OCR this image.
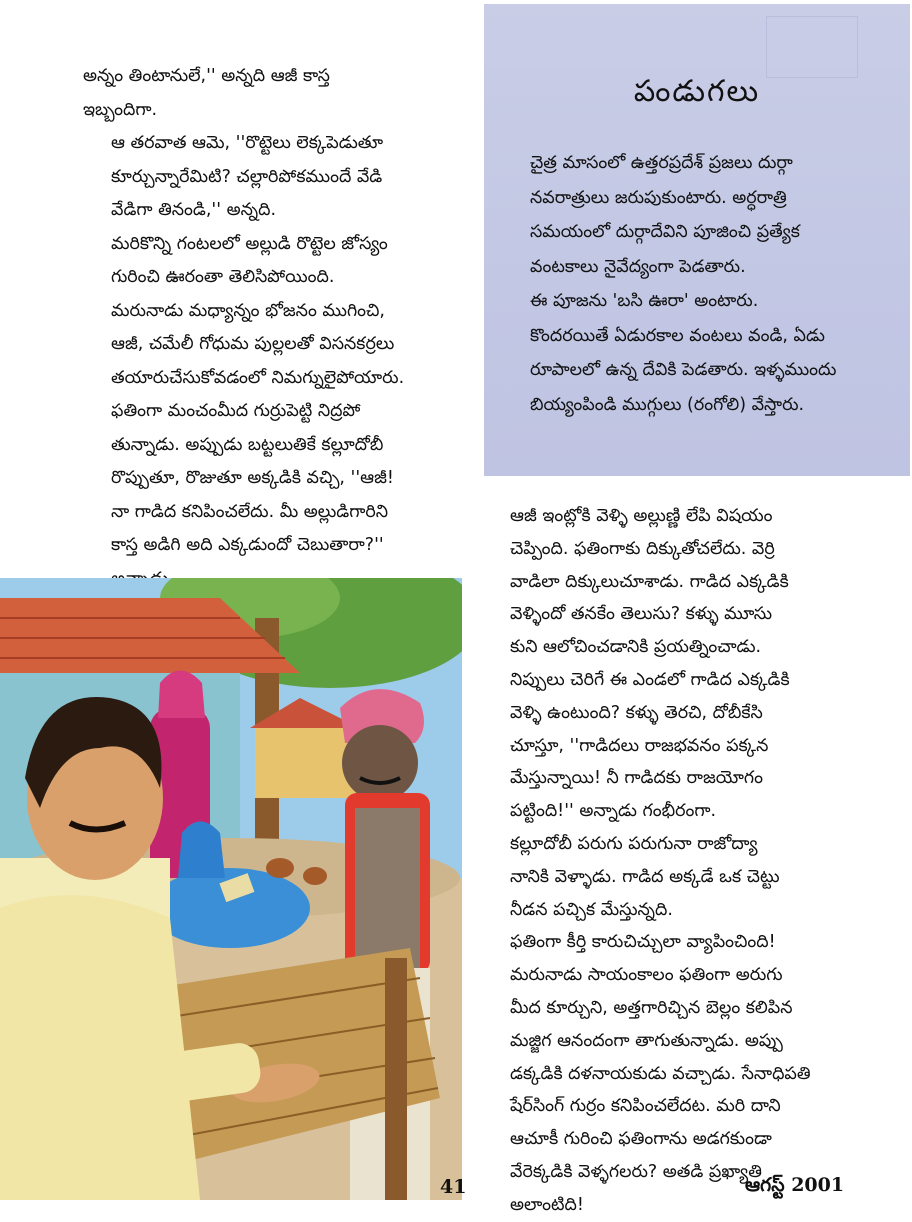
అన్నం తింటానులే,'' అన్నది ఆజీ కాస్త
ఇబ్బందిగా.

ఆ తరవాత ఆమె, ''రొట్టెలు లెక్కపెడుతూ
కూర్చున్నారేమిటి? చల్లారిపోకముందే వేడి
వేడిగా తినండి,'' అన్నది.

మరికొన్ని గంటలలో అల్లుడి రొట్టెల జోస్యం
గురించి ఊరంతా తెలిసిపోయింది.

మరునాడు మధ్యాన్నం భోజనం ముగించి,
ఆజీ, చమేలీ గోధుమ పుల్లలతో విసనకర్రలు
తయారుచేసుకోవడంలో నిమగ్నులైపోయారు.
ఫతింగా మంచంమీద గుర్రుపెట్టి నిద్రపో
తున్నాడు. అప్పుడు బట్టలుతికే కల్లూదోబీ
రొప్పుతూ, రొజుతూ అక్కడికి వచ్చి, ''ఆజీ!
నా గాడిద కనిపించలేదు. మీ అల్లుడిగారిని
కాస్త అడిగి అది ఎక్కడుందో చెబుతారా?''

పండుగలు

చైత్ర మాసంలో ఉత్తరప్రదేశ్ ప్రజలు దుర్గా
నవరాత్రులు జరుపుకుంటారు. అర్ధరాత్రి
సమయంలో దుర్గాదేవిని పూజించి ప్రత్యేక
వంటకాలు నైవేద్యంగా పెడతారు.

ఈ పూజను 'బసి ఊరా' అంటారు.
కొందరయితే ఏడురకాల వంటలు వండి, ఏడు
రూపాలలో ఉన్న దేవికి పెడతారు. ఇళ్ళముందు
బియ్యంపిండి ముగ్గులు (రంగోలి) వేస్తారు.

ఆజీ ఇంట్లోకి వెళ్ళి అల్లుణ్ణి లేపి విషయం
చెప్పింది. ఫతింగాకు దిక్కుతోచలేదు. వెర్రి
వాడిలా దిక్కులుచూశాడు. గాడిద ఎక్కడికి
వెళ్ళిందో తనకేం తెలుసు? కళ్ళు మూసు
కుని ఆలోచించడానికి ప్రయత్నించాడు.
నిప్పులు చెరిగే ఈ ఎండలో గాడిద ఎక్కడికి
వెళ్ళి ఉంటుంది? కళ్ళు తెరచి, దోబీకేసి
చూస్తూ, ''గాడిదలు రాజభవనం పక్కన
మేస్తున్నాయి! నీ గాడిదకు రాజయోగం
పట్టింది!'' అన్నాడు గంభీరంగా.

కల్లూదోబీ పరుగు పరుగునా రాజోద్యా
నానికి వెళ్ళాడు. గాడిద అక్కడే ఒక చెట్టు
నీడన పచ్చిక మేస్తున్నది.

ఫతింగా కీర్తి కారుచిచ్చులా వ్యాపించింది!
మరునాడు సాయంకాలం ఫతింగా అరుగు
మీద కూర్చుని, అత్తగారిచ్చిన బెల్లం కలిపిన
మజ్జిగ ఆనందంగా తాగుతున్నాడు. అప్పు
డక్కడికి దళనాయకుడు వచ్చాడు. సేనాధిపతి
షేర్‌సింగ్ గుర్రం కనిపించలేదట. మరి దాని
ఆచూకీ గురించి ఫతింగాను అడగకుండా
వేరెక్కడికి వెళ్ళగలరు? అతడి ప్రఖ్యాతి
అలాంటిది!

41	ఆగస్ట్ 2001
